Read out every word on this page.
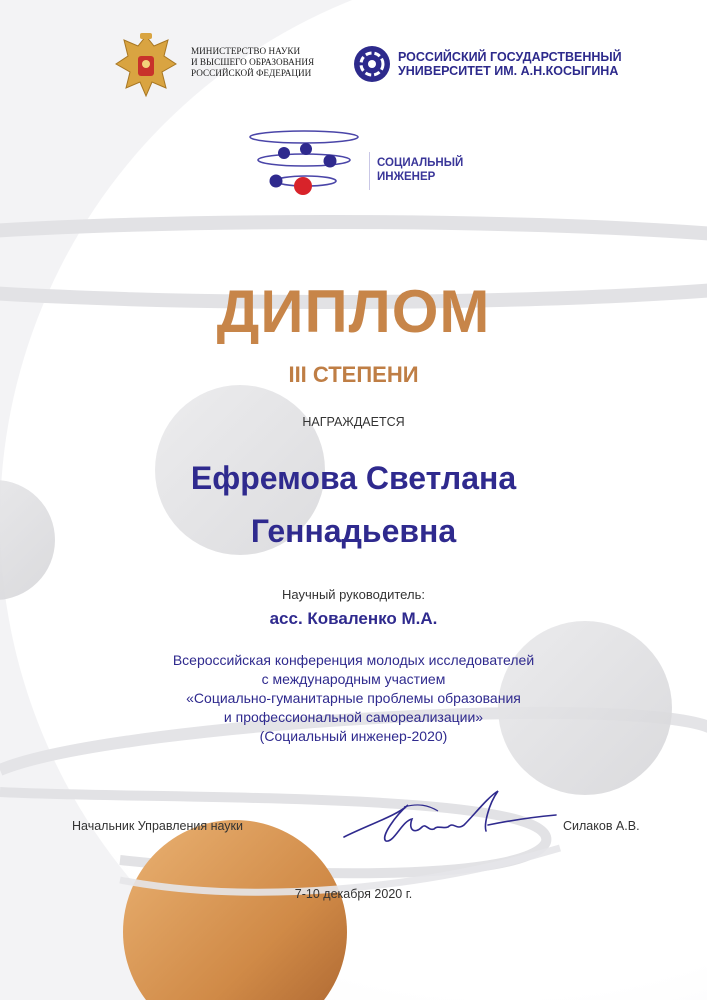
МИНИСТЕРСТВО НАУКИ
И ВЫСШЕГО ОБРАЗОВАНИЯ
РОССИЙСКОЙ ФЕДЕРАЦИИ
РОССИЙСКИЙ ГОСУДАРСТВЕННЫЙ
УНИВЕРСИТЕТ ИМ. А.Н.КОСЫГИНА
СОЦИАЛЬНЫЙ
ИНЖЕНЕР
ДИПЛОМ
III СТЕПЕНИ
НАГРАЖДАЕТСЯ
Ефремова Светлана
Геннадьевна
Научный руководитель:
асс. Коваленко М.А.
Всероссийская конференция молодых исследователей
с международным участием
«Социально-гуманитарные проблемы образования
и профессиональной самореализации»
(Социальный инженер-2020)
Начальник Управления науки	Силаков А.В.
7-10 декабря 2020 г.
